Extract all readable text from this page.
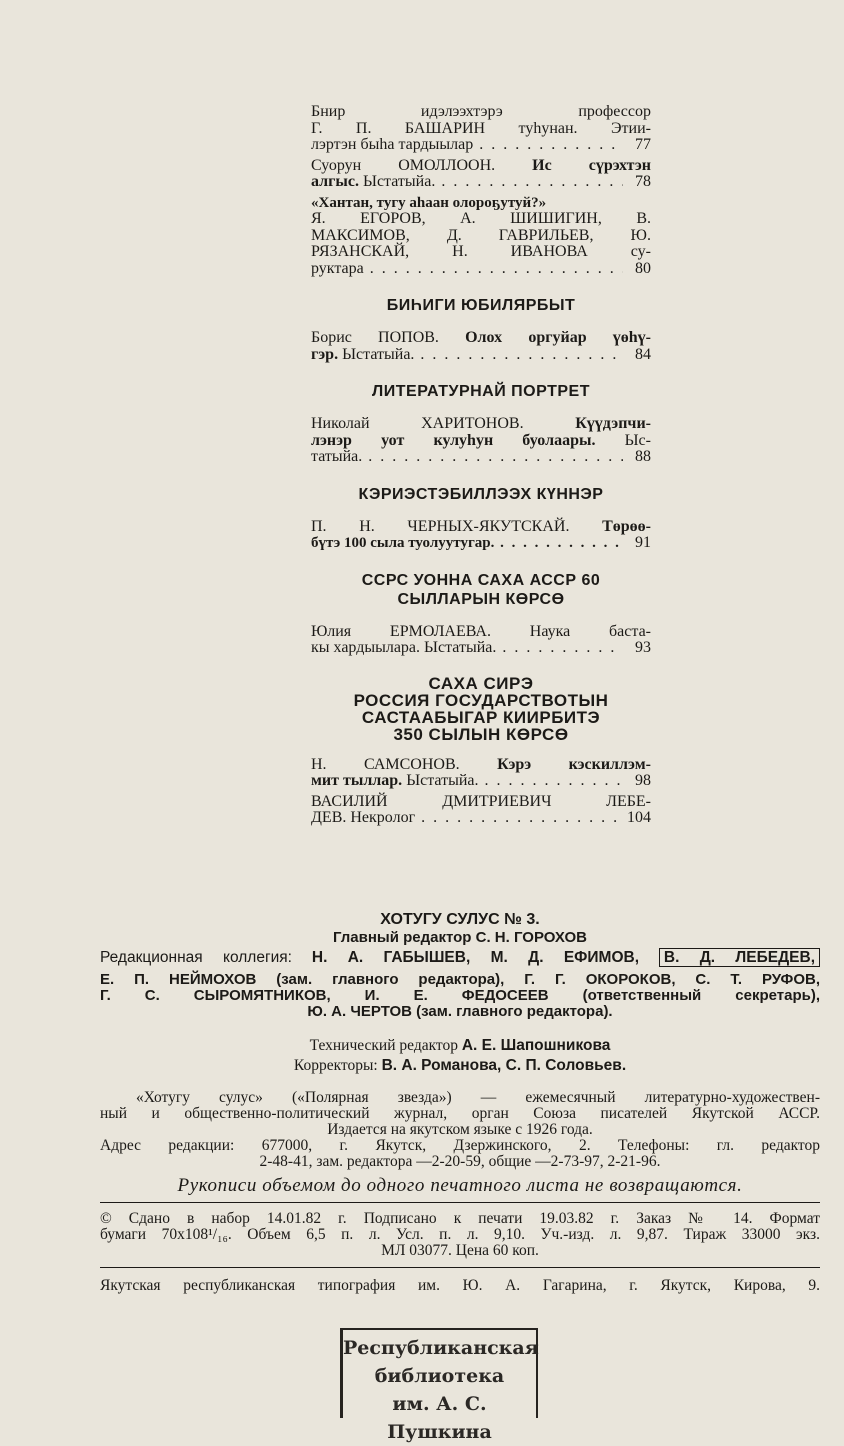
Бнир идэлээхтэрэ профессор
Г. П. БАШАРИН туһунан. Этии-
лэртэн быһа тардыылар . . .	77
Суорун ОМОЛЛООН. Ис сүрэхтэн
алгыс. Ыстатыйа. . . .	78
«Хантан, тугу аһаан олороҕутуй?»
Я. ЕГОРОВ, А. ШИШИГИН, В.
МАКСИМОВ, Д. ГАВРИЛЬЕВ, Ю.
РЯЗАНСКАЙ, Н. ИВАНОВА су-
руктара . . .	80
БИҺИГИ ЮБИЛЯРБЫТ
Борис ПОПОВ. Олох оргуйар үөһү-
гэр. Ыстатыйа. . . .	84
ЛИТЕРАТУРНАЙ ПОРТРЕТ
Николай ХАРИТОНОВ. Күүдэпчи-
лэнэр уот кулуһун буолаары. Ыс-
татыйа. . . .	88
КЭРИЭСТЭБИЛЛЭЭХ КҮННЭР
П. Н. ЧЕРНЫХ-ЯКУТСКАЙ. Төрөө-
бүтэ 100 сыла туолуутугар. . . .	91
ССРС УОННА САХА АССР 60
СЫЛЛАРЫН КӨРСӨ
Юлия ЕРМОЛАЕВА. Наука баста-
кы хардыылара. Ыстатыйа. . . .	93
САХА СИРЭ
РОССИЯ ГОСУДАРСТВОТЫН
САСТААБЫГАР КИИРБИТЭ
350 СЫЛЫН КӨРСӨ
Н. САМСОНОВ. Кэрэ кэскиллэм-
мит тыллар. Ыстатыйа. . . .	98
ВАСИЛИЙ ДМИТРИЕВИЧ ЛЕБЕ-
ДЕВ. Некролог . . .	104
ХОТУГУ СУЛУС № 3.
Главный редактор С. Н. ГОРОХОВ
Редакционная коллегия: Н. А. ГАБЫШЕВ, М. Д. ЕФИМОВ, В. Д. ЛЕБЕДЕВ,
Е. П. НЕЙМОХОВ (зам. главного редактора), Г. Г. ОКОРОКОВ, С. Т. РУФОВ,
Г. С. СЫРОМЯТНИКОВ, И. Е. ФЕДОСЕЕВ (ответственный секретарь),
Ю. А. ЧЕРТОВ (зам. главного редактора).
Технический редактор А. Е. Шапошникова
Корректоры: В. А. Романова, С. П. Соловьев.
«Хотугу сулус» («Полярная звезда») — ежемесячный литературно-художествен-
ный и общественно-политический журнал, орган Союза писателей Якутской АССР.
Издается на якутском языке с 1926 года.
Адрес редакции: 677000, г. Якутск, Дзержинского, 2. Телефоны: гл. редактор
2-48-41, зам. редактора —2-20-59, общие —2-73-97, 2-21-96.
Рукописи объемом до одного печатного листа не возвращаются.
© Сдано в набор 14.01.82 г. Подписано к печати 19.03.82 г. Заказ № 14. Формат
бумаги 70х108¹/₁₆. Объем 6,5 п. л. Усл. п. л. 9,10. Уч.-изд. л. 9,87. Тираж 33000 экз.
МЛ 03077. Цена 60 коп.
Якутская республиканская типография им. Ю. А. Гагарина, г. Якутск, Кирова, 9.
Республиканская
библиотека
им. А. С. Пушкина
